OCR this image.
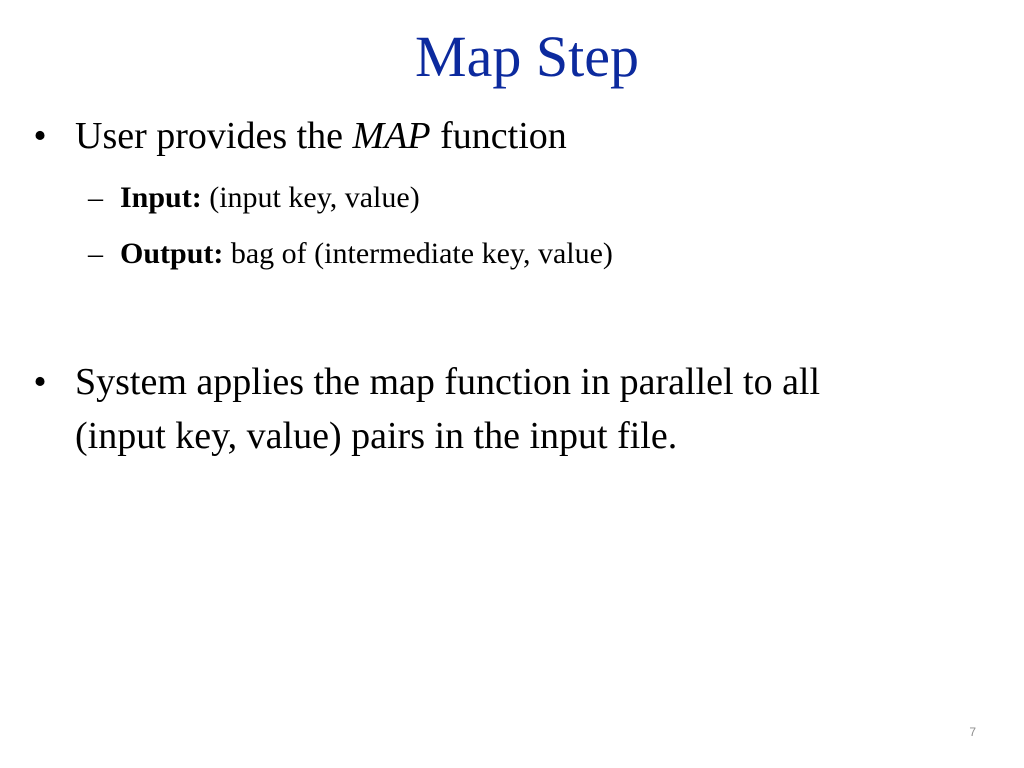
Map Step
• User provides the MAP function
– Input: (input key, value)
– Output: bag of (intermediate key, value)
• System applies the map function in parallel to all
(input key, value) pairs in the input file.
7
